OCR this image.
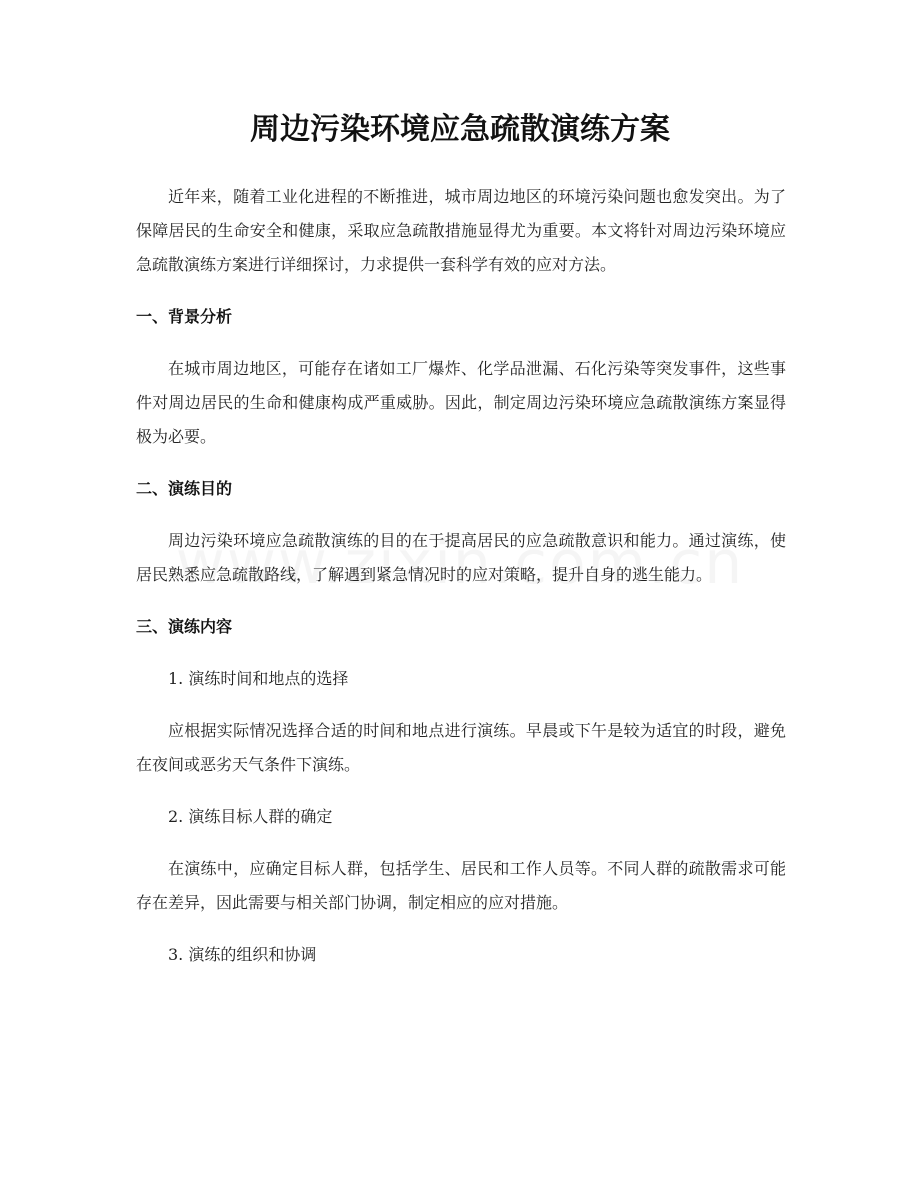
周边污染环境应急疏散演练方案

近年来，随着工业化进程的不断推进，城市周边地区的环境污染问题也愈发突出。为了保障居民的生命安全和健康，采取应急疏散措施显得尤为重要。本文将针对周边污染环境应急疏散演练方案进行详细探讨，力求提供一套科学有效的应对方法。

一、背景分析

在城市周边地区，可能存在诸如工厂爆炸、化学品泄漏、石化污染等突发事件，这些事件对周边居民的生命和健康构成严重威胁。因此，制定周边污染环境应急疏散演练方案显得极为必要。

二、演练目的

周边污染环境应急疏散演练的目的在于提高居民的应急疏散意识和能力。通过演练，使居民熟悉应急疏散路线，了解遇到紧急情况时的应对策略，提升自身的逃生能力。

三、演练内容

1. 演练时间和地点的选择

应根据实际情况选择合适的时间和地点进行演练。早晨或下午是较为适宜的时段，避免在夜间或恶劣天气条件下演练。

2. 演练目标人群的确定

在演练中，应确定目标人群，包括学生、居民和工作人员等。不同人群的疏散需求可能存在差异，因此需要与相关部门协调，制定相应的应对措施。

3. 演练的组织和协调
